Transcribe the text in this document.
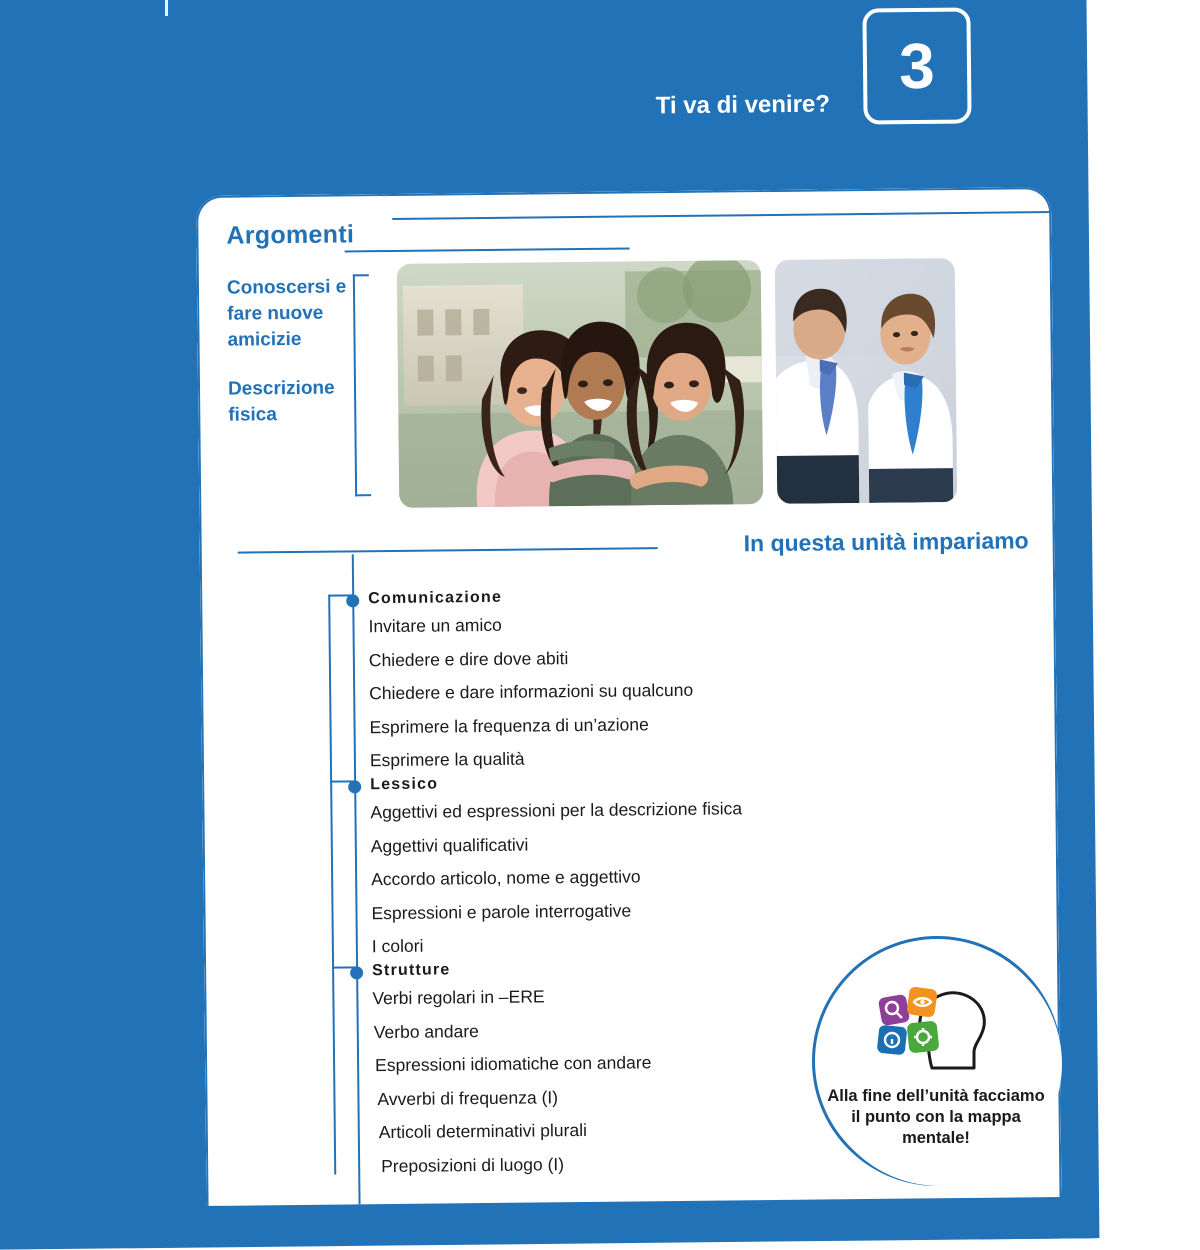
Ti va di venire?
3
Argomenti
Conoscersi e fare nuove amicizie
Descrizione fisica
In questa unità impariamo
Comunicazione
Invitare un amico
Chiedere e dire dove abiti
Chiedere e dare informazioni su qualcuno
Esprimere la frequenza di un’azione
Esprimere la qualità
Lessico
Aggettivi ed espressioni per la descrizione fisica
Aggettivi qualificativi
Accordo articolo, nome e aggettivo
Espressioni e parole interrogative
I colori
Strutture
Verbi regolari in –ERE
Verbo andare
Espressioni idiomatiche con andare
Avverbi di frequenza (I)
Articoli determinativi plurali
Preposizioni di luogo (I)
Alla fine dell’unità facciamo il punto con la mappa mentale!
